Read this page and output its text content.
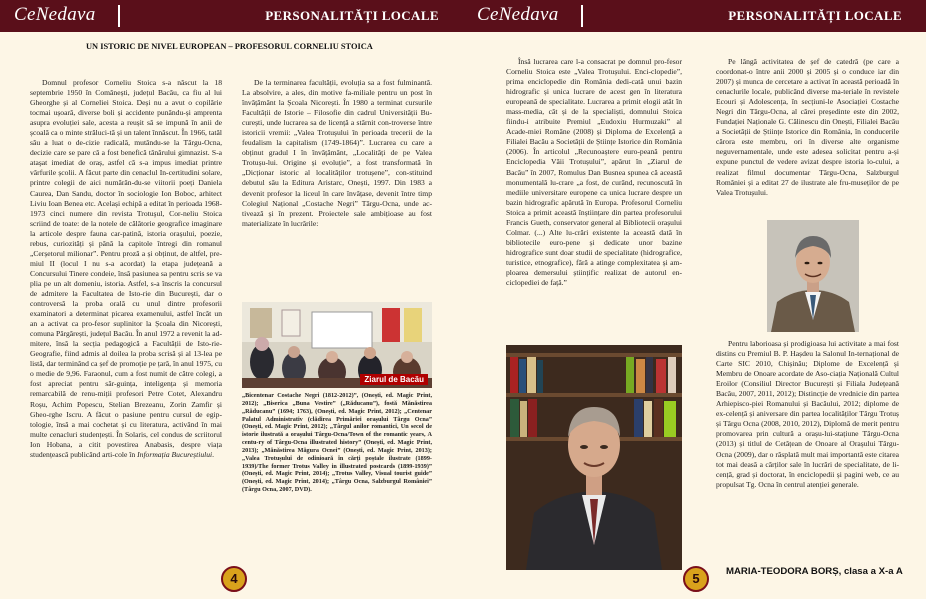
CeNedava	PERSONALITĂȚI LOCALE
UN ISTORIC DE NIVEL EUROPEAN – PROFESORUL CORNELIU STOICA

Domnul profesor Corneliu Stoica s-a născut la 18 septembrie 1950 în Comănești, județul Bacău, ca fiu al lui Gheorghe și al Corneliei Stoica. Deși nu a avut o copilărie tocmai ușoară, diverse boli și accidente punându-și amprenta asupra evoluției sale, acesta a reușit să se impună în anii de școală ca o minte străluci-tă și un talent înnăscut. În 1966, tatăl său a luat o de-cizie radicală, mutându-se la Târgu-Ocna, decizie care se pare că a fost benefică tânărului gimnazist. S-a ataşat imediat de oraș, astfel că s-a impus imediat printre vârfurile școlii. A făcut parte din cenaclul In-certitudini solare, printre colegii de aici numărân-du-se viitorii poeți Daniela Caurea, Dan Sandu, doctor în sociologie Ion Boboc, arhitect Liviu Ioan Benea etc. Același echipă a editat în perioada 1968-1973 cinci numere din revista Trotuşul, Cor-neliu Stoica scriind de toate: de la notele de călătorie geografice imaginare la articole despre fauna car-patină, istoria orașului, poezie, rebus, curiozități și până la capitole întregi din romanul „Cerșetorul milionar”. Pentru proză a și obținut, de altfel, pre-miul II (locul I nu s-a acordat) la etapa județeană a Concursului Tinere condeie, însă pasiunea sa pentru scris se va plia pe un alt domeniu, istoria. Astfel, s-a înscris la concursul de admitere la Facultatea de Isto-rie din București, dar o controversă la proba orală cu unul dintre profesorii examinatori a determinat picarea examenului, astfel încât un an a activat ca pro-fesor suplinitor la Școala din Nicorești, comuna Pârgărești, județul Bacău. În anul 1972 a revenit la ad-mitere, însă la secția pedagogică a Facultății de Isto-rie-Geografie, fiind admis al doilea la proba scrisă și al 13-lea pe listă, dar terminând ca șef de promoție pe țară, în anul 1975, cu o medie de 9,96. Faraonul, cum a fost numit de către colegi, a fost apreciat pentru sâr-guința, inteligența și memoria remarcabilă de renu-miții profesori Petre Cotet, Alexandru Roșu, Achim Popescu, Stelian Brezeanu, Zorin Zamfir și Gheo-rghe Iscru. A făcut o pasiune pentru cursul de egip-tologie, însă a mai cochetat și cu literatura, activând în mai multe cenacluri studențești. În Solaris, cel condus de scriitorul Ion Hobana, a citit povestirea Anabasis, despre viața studențească publicând arti-cole în Informația Bucureștiului.

De la terminarea facultății, evoluția sa a fost fulminantă. La absolvire, a ales, din motive fa-miliale pentru un post în învățământ la Școala Nicorești. În 1980 a terminat cursurile Facultății de Istorie – Filosofie din cadrul Universității Bu-curești, unde lucrarea sa de licență a stârnit con-troverse între istoricii vremii: „Valea Trotușului în perioada trecerii de la feudalism la capitalism (1749-1864)”. Lucrarea cu care a obținut gradul I în învățământ, „Localități de pe Valea Trotușu-lui. Origine și evoluție”, a fost transformată în „Dicționar istoric al localităților trotușene”, con-stituind debutul său la Editura Aristarc, Onești, 1997. Din 1983 a devenit profesor la liceul în care învățase, devenit între timp Colegiul Național „Costache Negri” Târgu-Ocna, unde ac-tivează și în prezent. Proiectele sale ambițioase au fost materializate în lucrările:

Ziarul de Bacău
„Bicentenar Costache Negri (1812-2012)”, (Onești, ed. Magic Print, 2012); „Biserica „Buna Vestire” („Răducanu”), fostă Mănăstirea „Răducanu” (1694; 1763), (Onești, ed. Magic Print, 2012); „Centenar Palatul Administrativ (clădirea Primăriei orașului Târgu Ocna” (Onești, ed. Magic Print, 2012); „Târgul anilor romantici, Un secol de istorie ilustrată a orașului Târgu-Ocna/Town of the romantic years, A centu-ry of Târgu-Ocna illustrated history” (Onești, ed. Magic Print, 2013); „Mănăstirea Măgura Ocnei” (Onești, ed. Magic Print, 2013); „Valea Trotușului de odinioară în cărți poștale ilustrate (1899-1939)/The former Trotus Valley in illustrated postcards (1899-1939)” (Onești, ed. Magic Print, 2014); „Trotus Valley, Visual tourist guide” (Onești, ed. Magic Print, 2014); „Târgu Ocna, Salzburgul României” (Târgu Ocna, 2007, DVD).
4
CeNedava	PERSONALITĂȚI LOCALE

Însă lucrarea care l-a consacrat pe domnul pro-fesor Corneliu Stoica este „Valea Trotușului. Enci-clopedie”, prima enciclopedie din România dedi-cată unui bazin hidrografic și unica lucrare de acest gen în literatura europeană de specialitate. Lucrarea a primit elogii atât în mass-media, cât și de la specialiști, domnului Stoica fiindu-i atribuite Premiul „Eudoxiu Hurmuzaki” al Acade-miei Române (2008) și Diploma de Excelență a Filialei Bacău a Societății de Științe Istorice din România (2006). În articolul „Recunoaștere euro-peană pentru Enciclopedia Văii Trotușului”, apărut în „Ziarul de Bacău” în 2007, Romulus Dan Busnea spunea că această monumentală lu-crare „a fost, de curând, recunoscută în mediile universitare europene ca unica lucrare despre un bazin hidrografic apărută în Europa. Profesorul Corneliu Stoica a primit această înștiințare din partea profesorului Francis Gueth, conservator general al Bibliotecii orașului Colmar. (...) Alte lu-crări existente la această dată în bibliotecile euro-pene și dedicate unor bazine hidrografice sunt doar studii de specialitate (hidrografice, turistice, etnografice), fără a atinge complexitatea și am-ploarea demersului științific realizat de autorul en-ciclopediei de față.”

Pe lângă activitatea de șef de catedră (pe care a coordonat-o între anii 2000 și 2005 și o conduce iar din 2007) și munca de cercetare a activat în această perioadă în cenaclurile locale, publicând diverse ma-teriale în revistele Ecouri și Adolescența, în secțiuni-le Asociației Costache Negri din Târgu-Ocna, al cărei președinte este din 2002, Fundației Naționale G. Călinescu din Onești, Filialei Bacău a Societății de Științe Istorice din România, în conducerile cărora este membru, ori în diverse alte organisme neguvernamentale, unde este adesea solicitat pentru a-și expune punctul de vedere avizat despre istoria lo-cului, a realizat filmul documentar Târgu-Ocna, Salzburgul României și a editat 27 de ilustrate ale fru-museților de pe Valea Trotușului.

Pentru laborioasa și prodigioasa lui activitate a mai fost distins cu Premiul B. P. Hașdeu la Salonul In-ternațional de Carte SIC 2010, Chișinău; Diplome de Excelență și Membru de Onoare acordate de Aso-ciația Națională Cultul Eroilor (Consiliul Director București și Filiala Județeană Bacău, 2007, 2011, 2012); Distincție de vrednicie din partea Arhiepisco-piei Romanului și Bacăului, 2012; diplome de ex-celență și aniversare din partea localităților Târgu Trotuș și Târgu Ocna (2008, 2010, 2012), Diplomă de merit pentru promovarea prin cultură a orașu-lui-stațiune Târgu-Ocna (2013) și titlul de Cetățean de Onoare al Orașului Târgu-Ocna (2009), dar o răsplată mult mai importantă este citarea tot mai deasă a cărților sale în lucrări de specialitate, de li-cență, grad și doctorat, în enciclopedii și pagini web, ce au propulsat Tg. Ocna în centrul atenției generale.

5	MARIA-TEODORA BORȘ, clasa a X-a A
